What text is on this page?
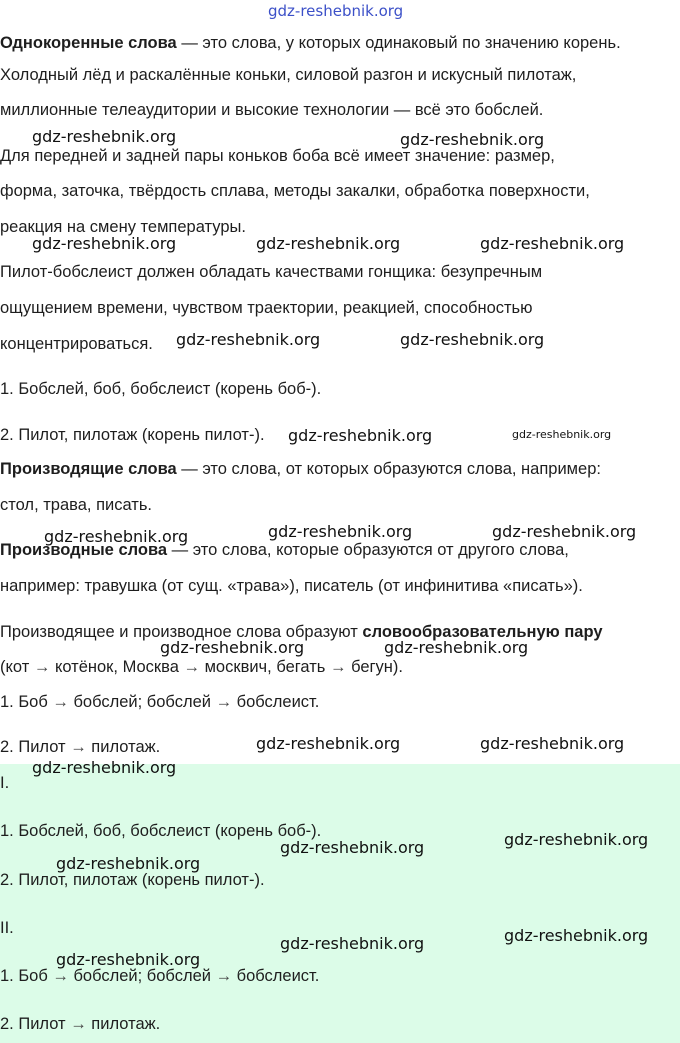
Однокоренные слова — это слова, у которых одинаковый по значению корень.
Холодный лёд и раскалённые коньки, силовой разгон и искусный пилотаж,
миллионные телеаудитории и высокие технологии — всё это бобслей.
Для передней и задней пары коньков боба всё имеет значение: размер,
форма, заточка, твёрдость сплава, методы закалки, обработка поверхности,
реакция на смену температуры.
Пилот-бобслеист должен обладать качествами гонщика: безупречным
ощущением времени, чувством траектории, реакцией, способностью
концентрироваться.
1. Бобслей, боб, бобслеист (корень боб-).
2. Пилот, пилотаж (корень пилот-).
Производящие слова — это слова, от которых образуются слова, например:
стол, трава, писать.
Производные слова — это слова, которые образуются от другого слова,
например: травушка (от сущ. «трава»), писатель (от инфинитива «писать»).
Производящее и производное слова образуют словообразовательную пару
(кот → котёнок, Москва → москвич, бегать → бегун).
1. Боб → бобслей; бобслей → бобслеист.
2. Пилот → пилотаж.
I.
1. Бобслей, боб, бобслеист (корень боб-).
2. Пилот, пилотаж (корень пилот-).
II.
1. Боб → бобслей; бобслей → бобслеист.
2. Пилот → пилотаж.
gdz-reshebnik.org
gdz-reshebnik.org	gdz-reshebnik.org
gdz-reshebnik.org	gdz-reshebnik.org	gdz-reshebnik.org
gdz-reshebnik.org	gdz-reshebnik.org
gdz-reshebnik.org	gdz-reshebnik.org
gdz-reshebnik.org	gdz-reshebnik.org	gdz-reshebnik.org
gdz-reshebnik.org	gdz-reshebnik.org
gdz-reshebnik.org	gdz-reshebnik.org
gdz-reshebnik.org
gdz-reshebnik.org
gdz-reshebnik.org
gdz-reshebnik.org
gdz-reshebnik.org
gdz-reshebnik.org
gdz-reshebnik.org
